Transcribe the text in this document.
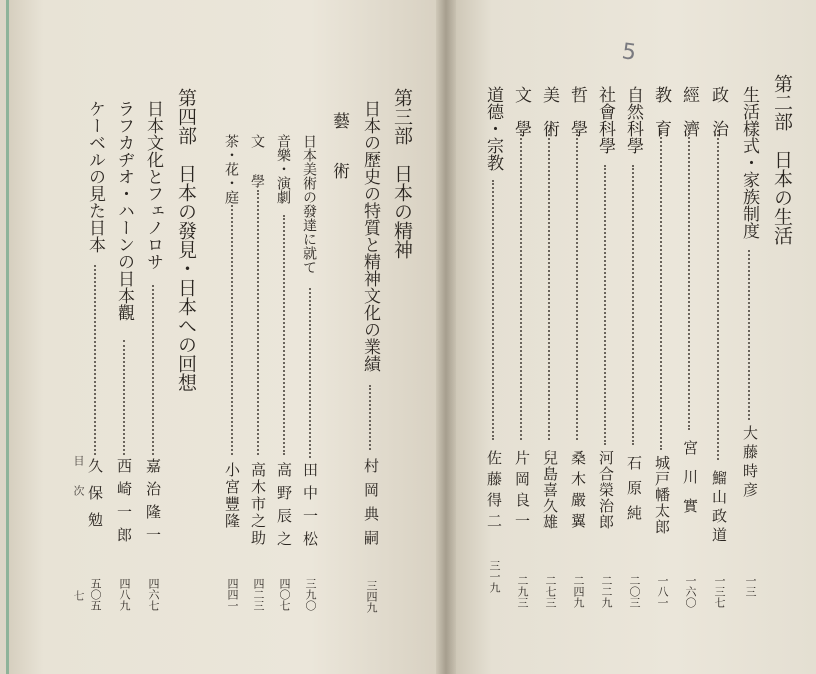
第二部　日本の生活
5
生活樣式・家族制度
大藤時彦
一三
政　治
鰡山政道
一三七
經　濟
宮川實
一六〇
教　育
城戸幡太郎
一八一
自然科學
石原純
二〇三
社會科學
河合榮治郎
二二九
哲　學
桑木嚴翼
二四九
美　術
兒島喜久雄
二七三
文　學
片岡良一
二九三
道德・宗教
佐藤得二
三一九
第三部　日本の精神
日本の歷史の特質と精神文化の業績
村岡典嗣
三四九
藝　術
日本美術の發達に就て
田中一松
三九〇
音樂・演劇
高野辰之
四〇七
文　學
高木市之助
四二三
茶・花・庭
小宮豐隆
四四一
第四部　日本の發見・日本への回想
日本文化とフェノロサ
嘉治隆一
四六七
ラフカヂオ・ハーンの日本觀
西崎一郎
四八九
ケーベルの見た日本
久保勉
五〇五
目　次
七
